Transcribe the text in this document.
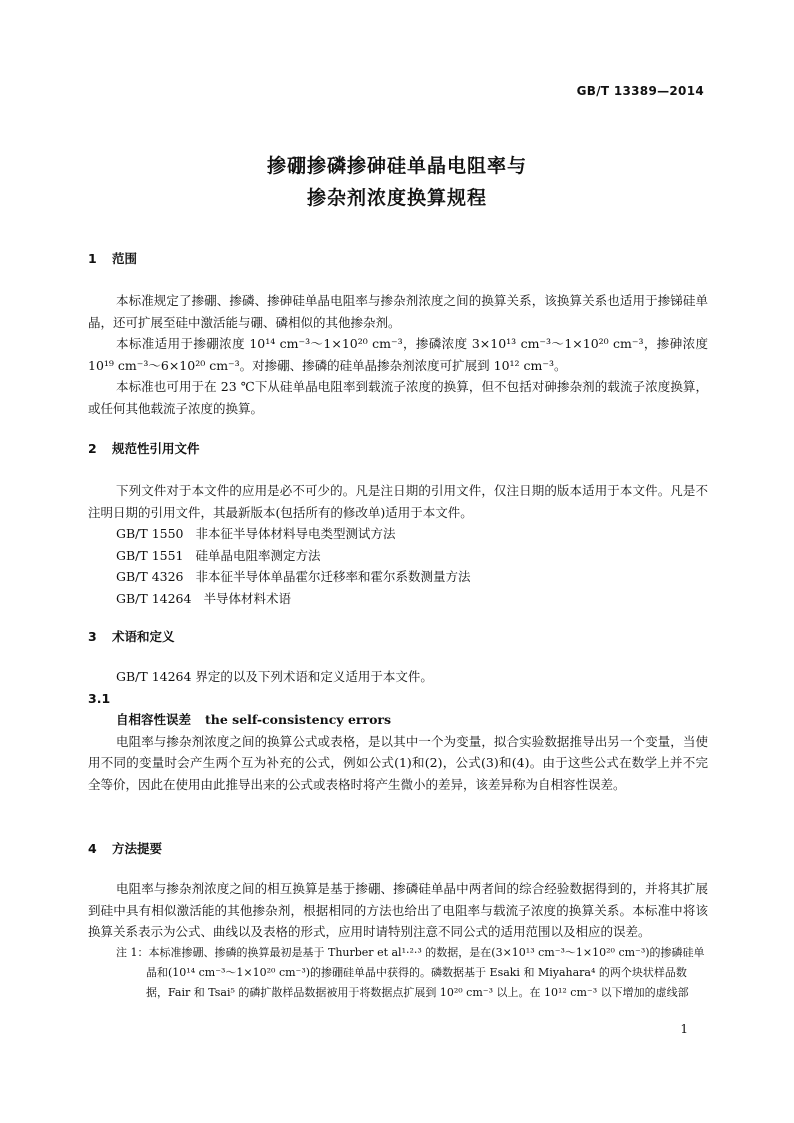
GB/T 13389—2014
掺硼掺磷掺砷硅单晶电阻率与
掺杂剂浓度换算规程
1 范围

本标准规定了掺硼、掺磷、掺砷硅单晶电阻率与掺杂剂浓度之间的换算关系，该换算关系也适用于掺锑硅单晶，还可扩展至硅中激活能与硼、磷相似的其他掺杂剂。

本标准适用于掺硼浓度 10¹⁴ cm⁻³～1×10²⁰ cm⁻³，掺磷浓度 3×10¹³ cm⁻³～1×10²⁰ cm⁻³，掺砷浓度 10¹⁹ cm⁻³～6×10²⁰ cm⁻³。对掺硼、掺磷的硅单晶掺杂剂浓度可扩展到 10¹² cm⁻³。

本标准也可用于在 23 ℃下从硅单晶电阻率到载流子浓度的换算，但不包括对砷掺杂剂的载流子浓度换算，或任何其他载流子浓度的换算。

2 规范性引用文件

下列文件对于本文件的应用是必不可少的。凡是注日期的引用文件，仅注日期的版本适用于本文件。凡是不注明日期的引用文件，其最新版本(包括所有的修改单)适用于本文件。

GB/T 1550 非本征半导体材料导电类型测试方法
GB/T 1551 硅单晶电阻率测定方法
GB/T 4326 非本征半导体单晶霍尔迁移率和霍尔系数测量方法
GB/T 14264 半导体材料术语
3 术语和定义

GB/T 14264 界定的以及下列术语和定义适用于本文件。

3.1
自相容性误差 the self-consistency errors

电阻率与掺杂剂浓度之间的换算公式或表格，是以其中一个为变量，拟合实验数据推导出另一个变量，当使用不同的变量时会产生两个互为补充的公式，例如公式(1)和(2)，公式(3)和(4)。由于这些公式在数学上并不完全等价，因此在使用由此推导出来的公式或表格时将产生微小的差异，该差异称为自相容性误差。

4 方法提要

电阻率与掺杂剂浓度之间的相互换算是基于掺硼、掺磷硅单晶中两者间的综合经验数据得到的，并将其扩展到硅中具有相似激活能的其他掺杂剂，根据相同的方法也给出了电阻率与载流子浓度的换算关系。本标准中将该换算关系表示为公式、曲线以及表格的形式，应用时请特别注意不同公式的适用范围以及相应的误差。

注 1：本标准掺硼、掺磷的换算最初是基于 Thurber et al¹·²·³ 的数据，是在(3×10¹³ cm⁻³～1×10²⁰ cm⁻³)的掺磷硅单
晶和(10¹⁴ cm⁻³～1×10²⁰ cm⁻³)的掺硼硅单晶中获得的。磷数据基于 Esaki 和 Miyahara⁴ 的两个块状样品数据，Fair 和 Tsai⁵ 的磷扩散样品数据被用于将数据点扩展到 10²⁰ cm⁻³ 以上。在 10¹² cm⁻³ 以下增加的虚线部
1
